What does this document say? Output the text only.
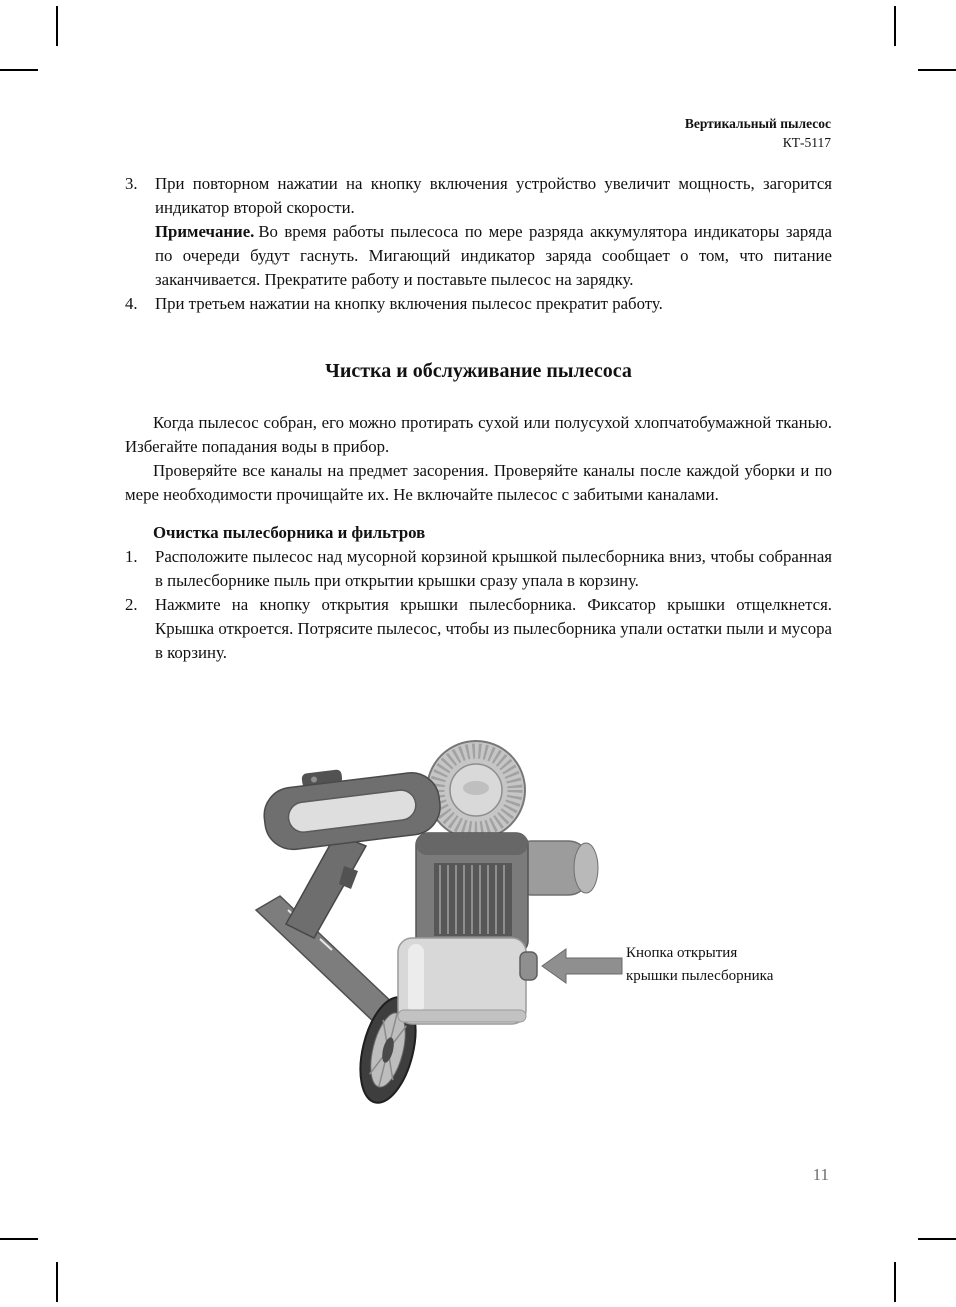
Вертикальный пылесос
КТ-5117
3.	При повторном нажатии на кнопку включения устройство увеличит мощность, загорится индикатор второй скорости.
Примечание. Во время работы пылесоса по мере разряда аккумулятора индикаторы заряда по очереди будут гаснуть. Мигающий индикатор заряда сообщает о том, что питание заканчивается. Прекратите работу и поставьте пылесос на зарядку.
4.	При третьем нажатии на кнопку включения пылесос прекратит работу.
Чистка и обслуживание пылесоса

Когда пылесос собран, его можно протирать сухой или полусухой хлопчатобумажной тканью. Избегайте попадания воды в прибор.

Проверяйте все каналы на предмет засорения. Проверяйте каналы после каждой уборки и по мере необходимости прочищайте их. Не включайте пылесос с забитыми каналами.

Очистка пылесборника и фильтров

1.	Расположите пылесос над мусорной корзиной крышкой пылесборника вниз, чтобы собранная в пылесборнике пыль при открытии крышки сразу упала в корзину.
2.	Нажмите на кнопку открытия крышки пылесборника. Фиксатор крышки отщелкнется. Крышка откроется. Потрясите пылесос, чтобы из пылесборника упали остатки пыли и мусора в корзину.
Кнопка открытия
крышки пылесборника
11
